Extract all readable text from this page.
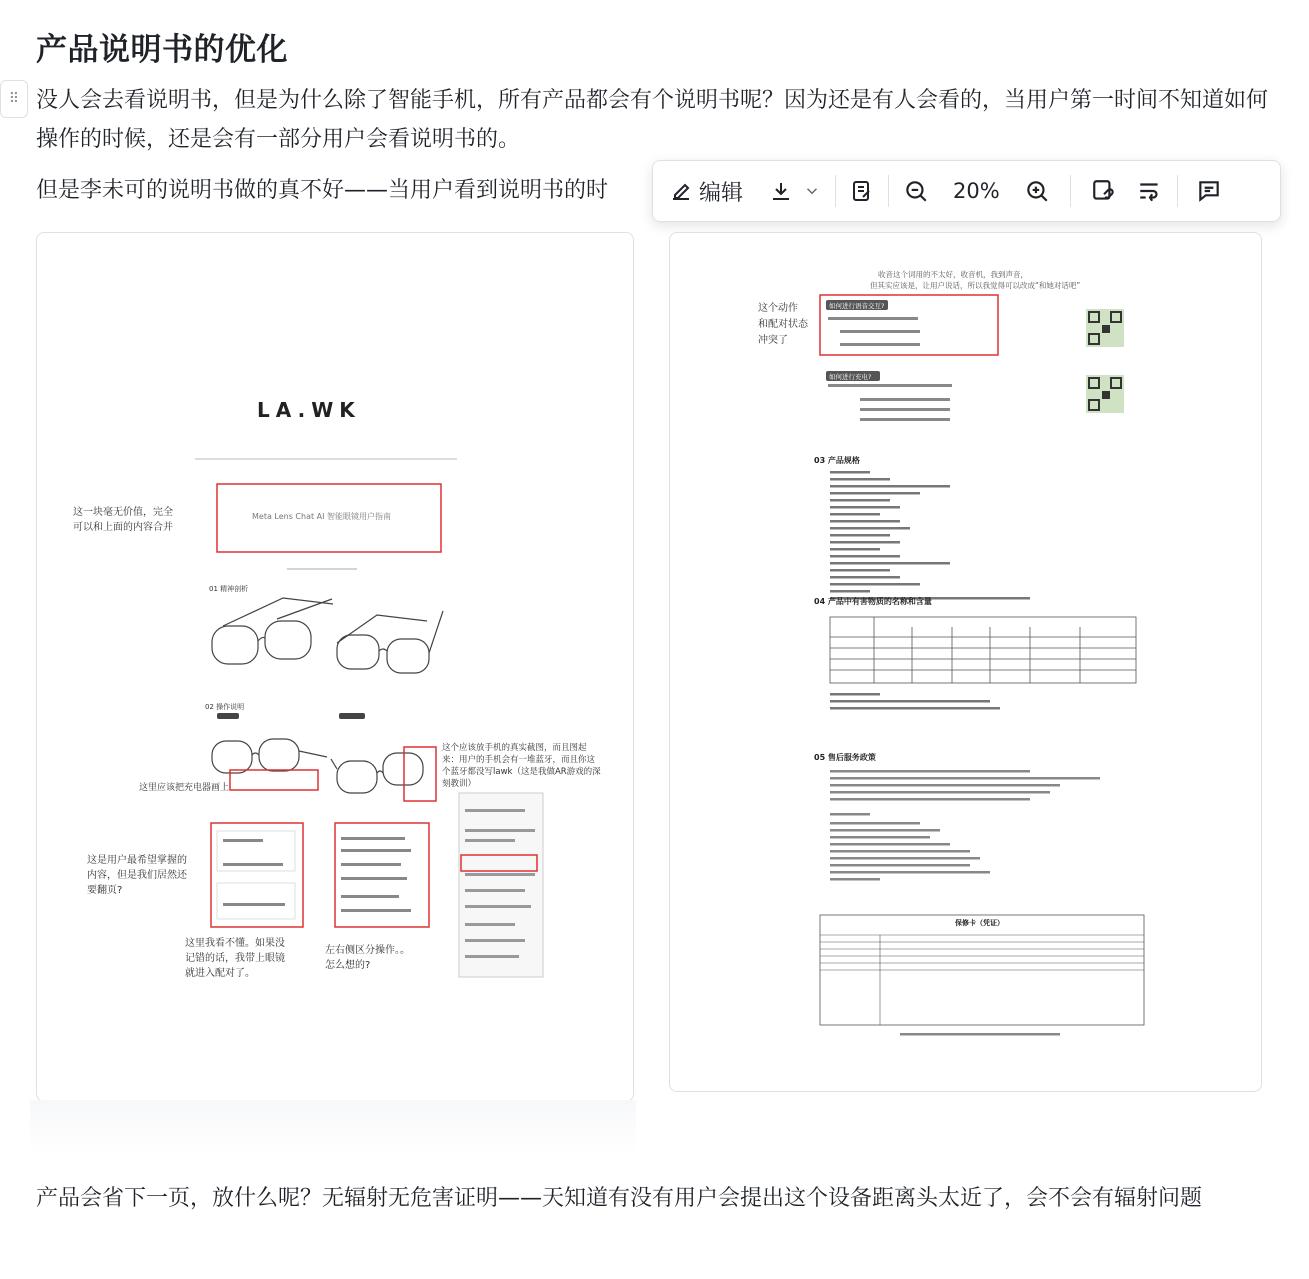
产品说明书的优化
⠿ 没人会去看说明书，但是为什么除了智能手机，所有产品都会有个说明书呢？因为还是有人会看的，当用户第一时间不知道如何操作的时候，还是会有一部分用户会看说明书的。
但是李未可的说明书做的真不好——当用户看到说明书的时	编辑	20%
LA.WK
Meta Lens Chat AI 智能眼镜用户指南
这一块毫无价值，完全可以和上面的内容合并
01 精神剖析
02 操作说明
这里应该把充电器画上
这个应该放手机的真实截图，而且图起来：用户的手机会有一堆蓝牙，而且你这个蓝牙都没写lawk（这是我做AR游戏的深刻教训）
这是用户最希望掌握的内容，但是我们居然还要翻页?
这里我看不懂。如果没记错的话，我带上眼镜就进入配对了。
左右侧区分操作。。怎么想的?
收音这个词用的不太好，收音机，我到声音，但其实应该是，让用户说话，所以我觉得可以改成“和她对话吧”
这个动作和配对状态冲突了
如何进行语音交互?
如何进行充电?
03 产品规格
04 产品中有害物质的名称和含量
05 售后服务政策
保修卡（凭证）
产品会省下一页，放什么呢？无辐射无危害证明——天知道有没有用户会提出这个设备距离头太近了，会不会有辐射问题
